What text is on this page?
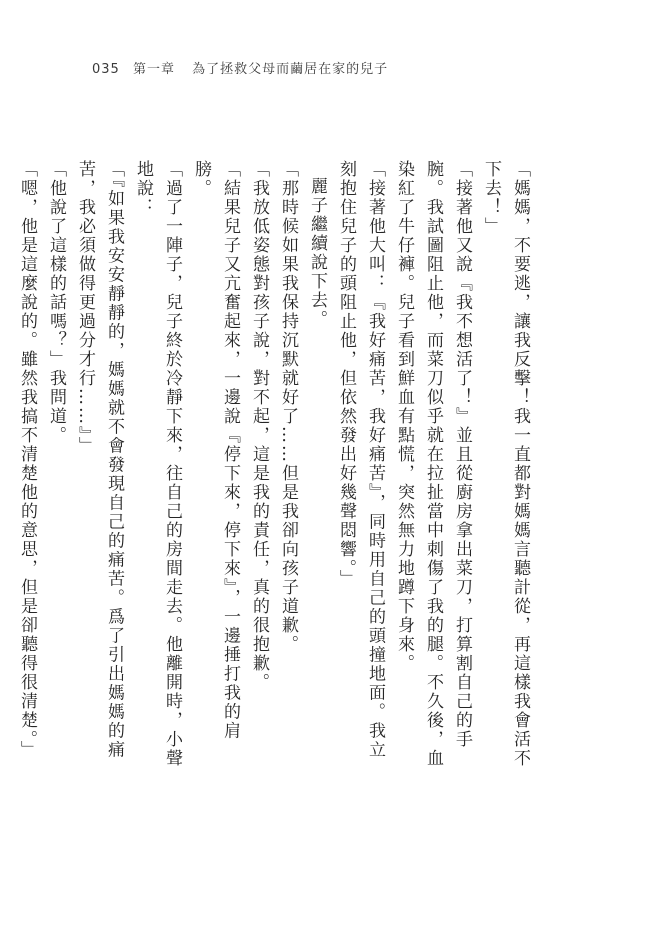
035 第一章 為了拯救父母而繭居在家的兒子

「媽媽，不要逃，讓我反擊！我一直都對媽媽言聽計從，再這樣我會活不下去！」

「接著他又說『我不想活了！』並且從廚房拿出菜刀，打算割自己的手腕。我試圖阻止他，而菜刀似乎就在拉扯當中刺傷了我的腿。不久後，血染紅了牛仔褲。兒子看到鮮血有點慌，突然無力地蹲下身來。

「接著他大叫：『我好痛苦，我好痛苦』，同時用自己的頭撞地面。我立刻抱住兒子的頭阻止他，但依然發出好幾聲悶響。」

麗子繼續說下去。

「那時候如果我保持沉默就好了……但是我卻向孩子道歉。

「我放低姿態對孩子說，對不起，這是我的責任，真的很抱歉。

「結果兒子又亢奮起來，一邊說『停下來，停下來』，一邊捶打我的肩膀。

「過了一陣子，兒子終於冷靜下來，往自己的房間走去。他離開時，小聲地說：

「『如果我安安靜靜的，媽媽就不會發現自己的痛苦。爲了引出媽媽的痛苦，我必須做得更過分才行……』」

「他說了這樣的話嗎？」我問道。

「嗯，他是這麼說的。雖然我搞不清楚他的意思，但是卻聽得很清楚。」
